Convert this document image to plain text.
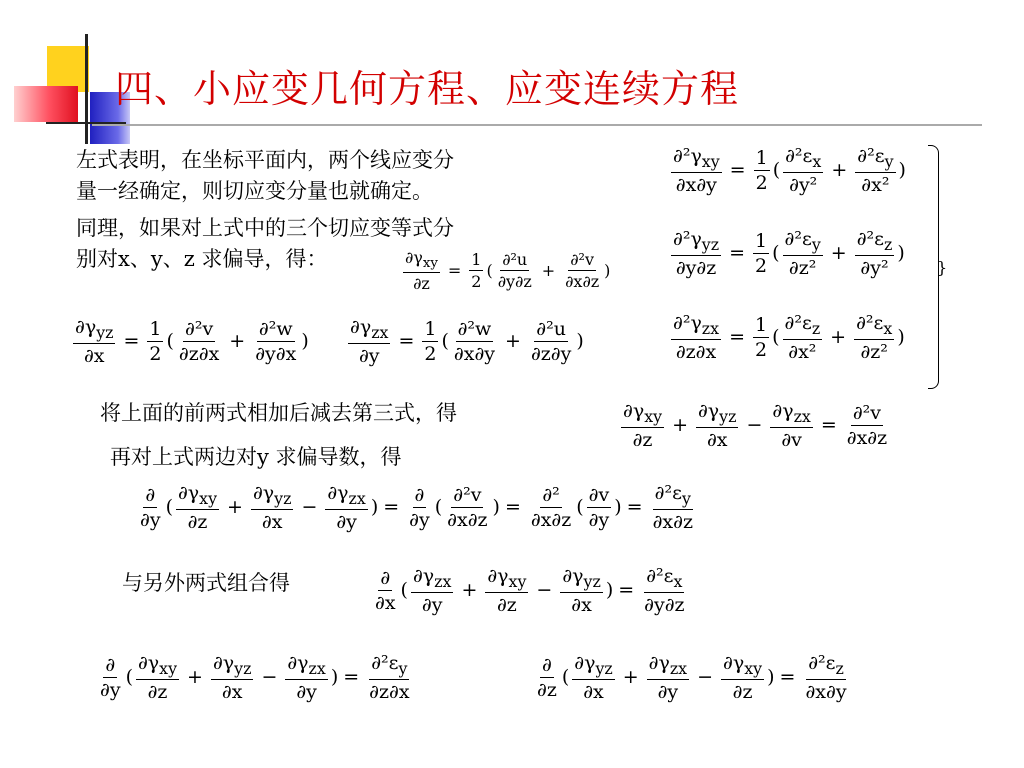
四、小应变几何方程、应变连续方程
左式表明，在坐标平面内，两个线应变分
量一经确定，则切应变分量也就确定。
同理，如果对上式中的三个切应变等式分
别对x、y、z 求偏导，得：
$\frac{\partial^2\gamma_{xy}}{\partial x\partial y} = \frac{1}{2}$ ( $\frac{\partial^2\varepsilon_x}{\text{∂y²}} + \frac{\partial^2\varepsilon_y}{\text{∂x²}}$ )
$\frac{\partial^2\gamma_{yz}}{\partial y\partial z} = \frac{1}{2}$ ( $\frac{\partial^2\varepsilon_y}{\text{∂z²}} + \frac{\partial^2\varepsilon_z}{\text{∂y²}}$ )
$\frac{\partial^2\gamma_{zx}}{\partial z\partial x} = \frac{1}{2}$ ( $\frac{\partial^2\varepsilon_z}{\text{∂x²}} + \frac{\partial^2\varepsilon_x}{\text{∂z²}}$ )
}
$\frac{\partial\gamma_{xy}}{\partial z} = \frac{1}{2}$ ( $\frac{\text{∂²u}}{\partial y\partial z} + \frac{\text{∂²v}}{\partial x\partial z}$ )
$\frac{\partial\gamma_{yz}}{\partial x} = \frac{1}{2}$ ( $\frac{\text{∂²v}}{\partial z\partial x} + \frac{\text{∂²w}}{\partial y\partial x}$ ) $\frac{\partial\gamma_{zx}}{\partial y} = \frac{1}{2}$ ( $\frac{\text{∂²w}}{\partial x\partial y} + \frac{\text{∂²u}}{\partial z\partial y}$ )
将上面的前两式相加后减去第三式，得	$\frac{\partial\gamma_{xy}}{\partial z} + \frac{\partial\gamma_{yz}}{\partial x} - \frac{\partial\gamma_{zx}}{\partial v} = \frac{\text{∂²v}}{\partial x\partial z}$
再对上式两边对y 求偏导数，得
$\frac{\partial}{\partial y}$ ( $\frac{\partial\gamma_{xy}}{\partial z} + \frac{\partial\gamma_{yz}}{\partial x} - \frac{\partial\gamma_{zx}}{\partial y}$ ) = $\frac{\partial}{\partial y}$ ( $\frac{\text{∂²v}}{\partial x\partial z}$ ) = $\frac{\text{∂²}}{\partial x\partial z}$ ( $\frac{\partial v}{\partial y}$ ) = $\frac{\partial^2\varepsilon_y}{\partial x\partial z}$
与另外两式组合得	$\frac{\partial}{\partial x}$ ( $\frac{\partial\gamma_{zx}}{\partial y} + \frac{\partial\gamma_{xy}}{\partial z} - \frac{\partial\gamma_{yz}}{\partial x}$ ) = $\frac{\partial^2\varepsilon_x}{\partial y\partial z}$
$\frac{\partial}{\partial y}$ ( $\frac{\partial\gamma_{xy}}{\partial z} + \frac{\partial\gamma_{yz}}{\partial x} - \frac{\partial\gamma_{zx}}{\partial y}$ ) = $\frac{\partial^2\varepsilon_y}{\partial z\partial x}$	$\frac{\partial}{\partial z}$ ( $\frac{\partial\gamma_{yz}}{\partial x} + \frac{\partial\gamma_{zx}}{\partial y} - \frac{\partial\gamma_{xy}}{\partial z}$ ) = $\frac{\partial^2\varepsilon_z}{\partial x\partial y}$
